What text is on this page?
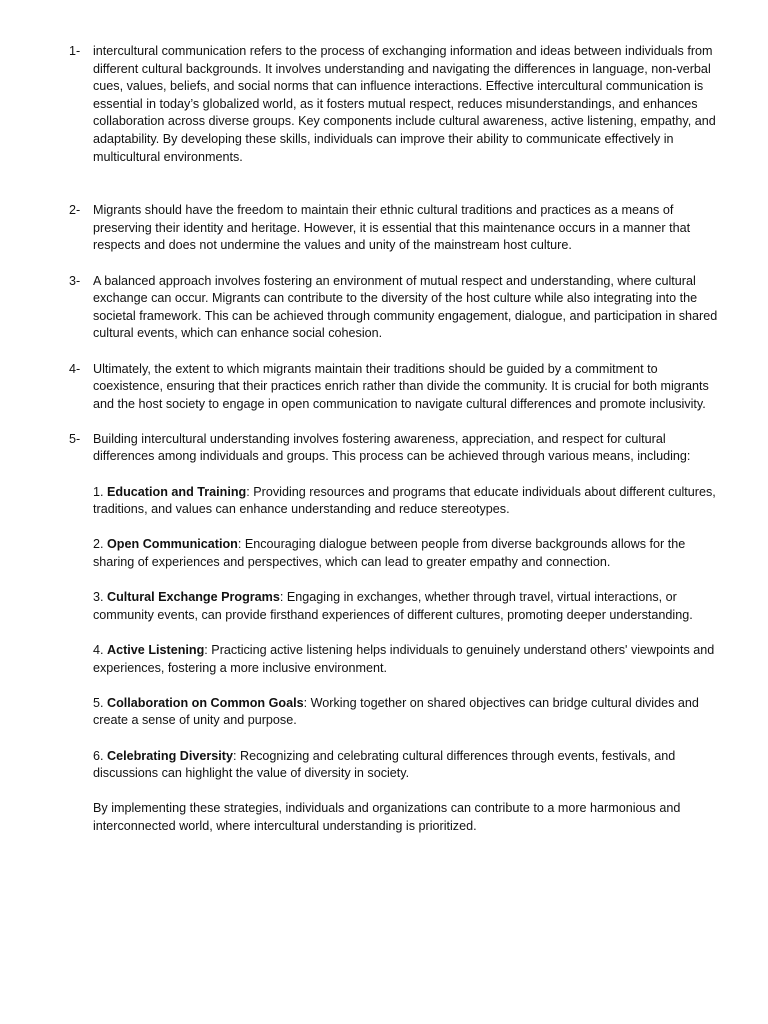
1- intercultural communication refers to the process of exchanging information and ideas between individuals from different cultural backgrounds. It involves understanding and navigating the differences in language, non-verbal cues, values, beliefs, and social norms that can influence interactions. Effective intercultural communication is essential in today’s globalized world, as it fosters mutual respect, reduces misunderstandings, and enhances collaboration across diverse groups. Key components include cultural awareness, active listening, empathy, and adaptability. By developing these skills, individuals can improve their ability to communicate effectively in multicultural environments.

2- Migrants should have the freedom to maintain their ethnic cultural traditions and practices as a means of preserving their identity and heritage. However, it is essential that this maintenance occurs in a manner that respects and does not undermine the values and unity of the mainstream host culture.

3- A balanced approach involves fostering an environment of mutual respect and understanding, where cultural exchange can occur. Migrants can contribute to the diversity of the host culture while also integrating into the societal framework. This can be achieved through community engagement, dialogue, and participation in shared cultural events, which can enhance social cohesion.

4- Ultimately, the extent to which migrants maintain their traditions should be guided by a commitment to coexistence, ensuring that their practices enrich rather than divide the community. It is crucial for both migrants and the host society to engage in open communication to navigate cultural differences and promote inclusivity.

5- Building intercultural understanding involves fostering awareness, appreciation, and respect for cultural differences among individuals and groups. This process can be achieved through various means, including:

1. Education and Training: Providing resources and programs that educate individuals about different cultures, traditions, and values can enhance understanding and reduce stereotypes.

2. Open Communication: Encouraging dialogue between people from diverse backgrounds allows for the sharing of experiences and perspectives, which can lead to greater empathy and connection.

3. Cultural Exchange Programs: Engaging in exchanges, whether through travel, virtual interactions, or community events, can provide firsthand experiences of different cultures, promoting deeper understanding.

4. Active Listening: Practicing active listening helps individuals to genuinely understand others' viewpoints and experiences, fostering a more inclusive environment.

5. Collaboration on Common Goals: Working together on shared objectives can bridge cultural divides and create a sense of unity and purpose.

6. Celebrating Diversity: Recognizing and celebrating cultural differences through events, festivals, and discussions can highlight the value of diversity in society.

By implementing these strategies, individuals and organizations can contribute to a more harmonious and interconnected world, where intercultural understanding is prioritized.
